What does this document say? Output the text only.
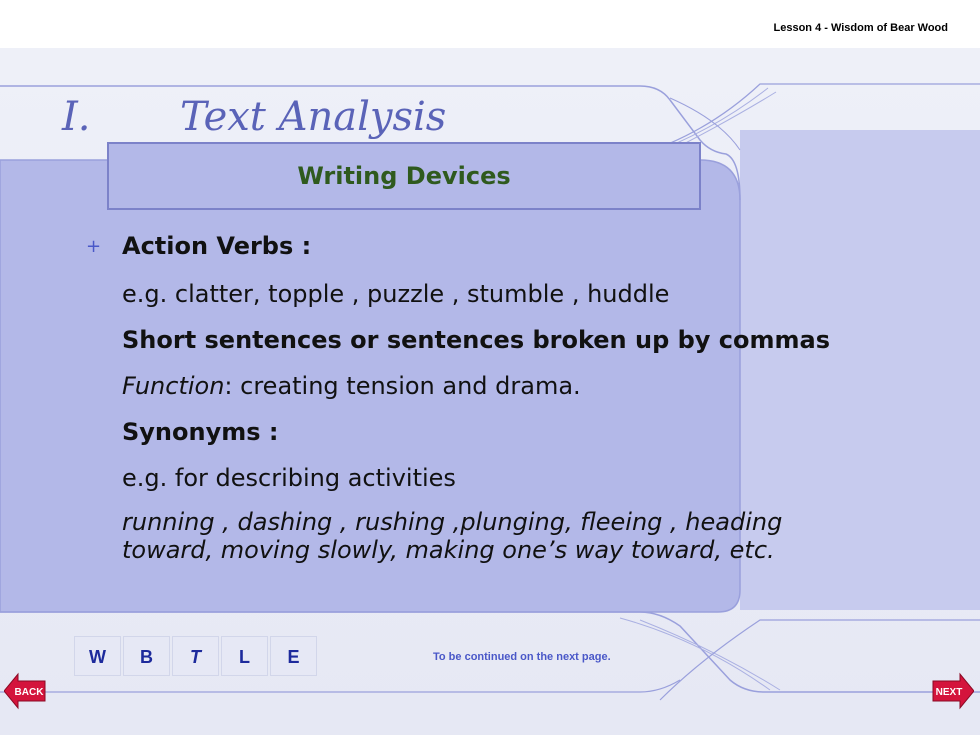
Lesson 4 - Wisdom of Bear Wood
I. Text Analysis
Writing Devices
+ Action Verbs :
e.g. clatter, topple , puzzle , stumble , huddle
Short sentences or sentences broken up by commas
Function: creating tension and drama.
Synonyms :
e.g. for describing activities
running , dashing , rushing ,plunging, fleeing , heading
toward, moving slowly, making one’s way toward, etc.
W	B	T	L	E	To be continued on the next page.
BACK	NEXT
